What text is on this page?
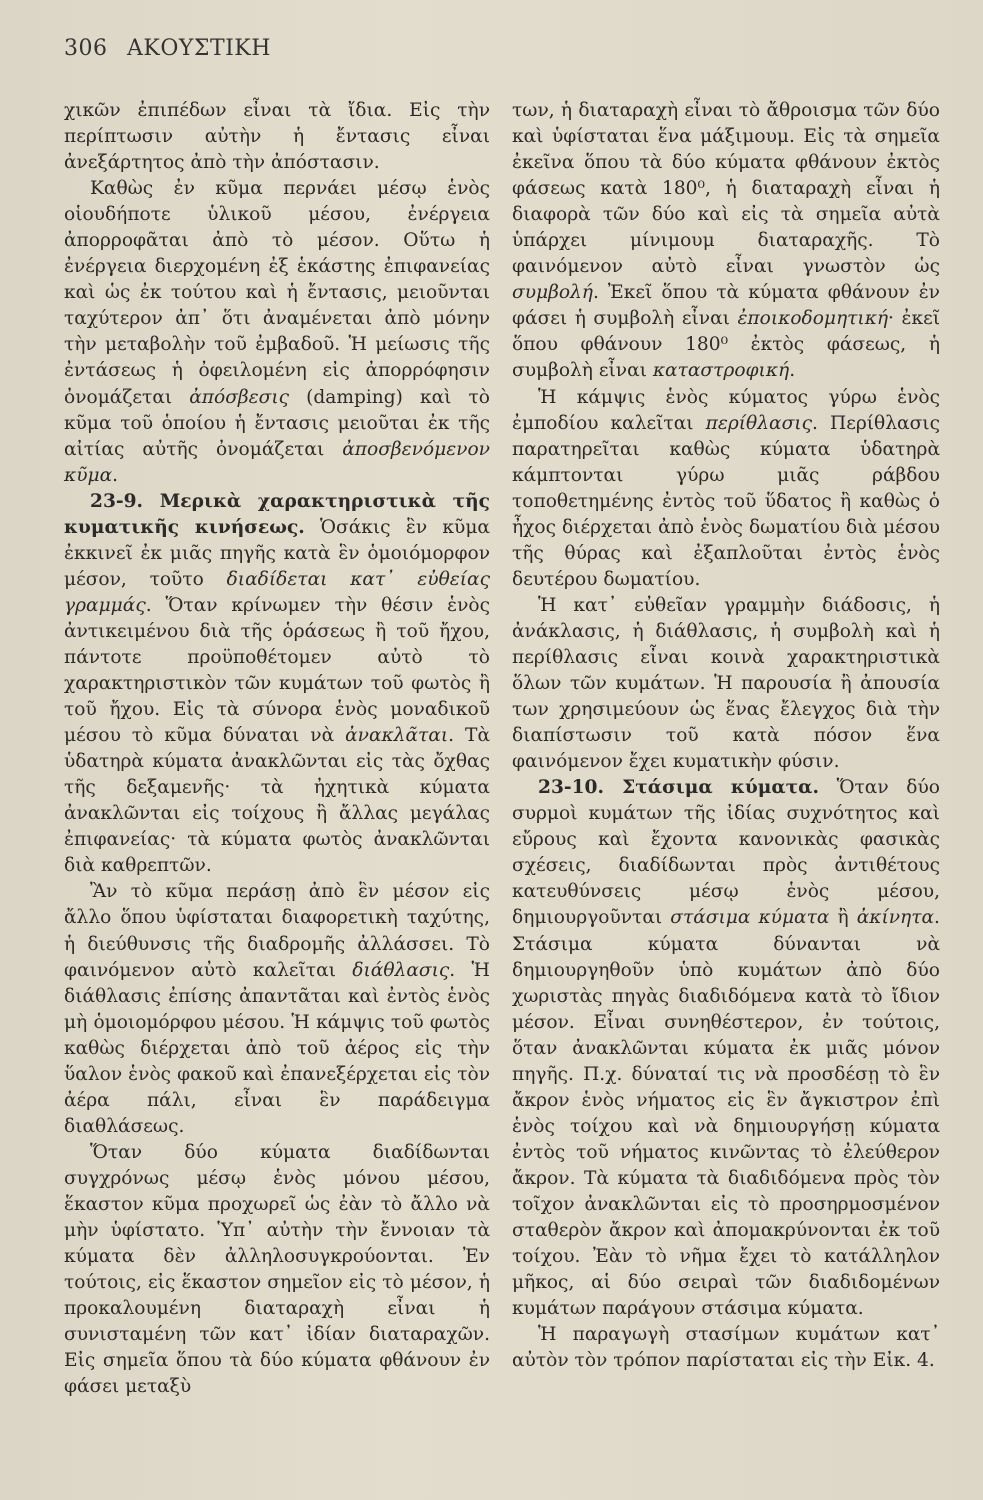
306 ΑΚΟΥΣΤΙΚΗ

χικῶν ἐπιπέδων εἶναι τὰ ἴδια. Εἰς τὴν περίπτωσιν αὐτὴν ἡ ἔντασις εἶναι ἀνεξάρτητος ἀπὸ τὴν ἀπόστασιν.

Καθὼς ἐν κῦμα περνάει μέσῳ ἑνὸς οἱουδήποτε ὑλικοῦ μέσου, ἐνέργεια ἀπορροφᾶται ἀπὸ τὸ μέσον. Οὕτω ἡ ἐνέργεια διερχομένη ἐξ ἑκάστης ἐπιφανείας καὶ ὡς ἐκ τούτου καὶ ἡ ἔντασις, μειοῦνται ταχύτερον ἀπ᾽ ὅτι ἀναμένεται ἀπὸ μόνην τὴν μεταβολὴν τοῦ ἐμβαδοῦ. Ἡ μείωσις τῆς ἐντάσεως ἡ ὀφειλομένη εἰς ἀπορρόφησιν ὀνομάζεται ἀπόσβεσις (damping) καὶ τὸ κῦμα τοῦ ὁποίου ἡ ἔντασις μειοῦται ἐκ τῆς αἰτίας αὐτῆς ὀνομάζεται ἀποσβενόμενον κῦμα.

23-9. Μερικὰ χαρακτηριστικὰ τῆς κυματικῆς κινήσεως. Ὁσάκις ἓν κῦμα ἐκκινεῖ ἐκ μιᾶς πηγῆς κατὰ ἓν ὁμοιόμορφον μέσον, τοῦτο διαδίδεται κατ᾽ εὐθείας γραμμάς. Ὅταν κρίνωμεν τὴν θέσιν ἑνὸς ἀντικειμένου διὰ τῆς ὁράσεως ἢ τοῦ ἤχου, πάντοτε προϋποθέτομεν αὐτὸ τὸ χαρακτηριστικὸν τῶν κυμάτων τοῦ φωτὸς ἢ τοῦ ἤχου. Εἰς τὰ σύνορα ἑνὸς μοναδικοῦ μέσου τὸ κῦμα δύναται νὰ ἀνακλᾶται. Τὰ ὑδατηρὰ κύματα ἀνακλῶνται εἰς τὰς ὄχθας τῆς δεξαμενῆς· τὰ ἠχητικὰ κύματα ἀνακλῶνται εἰς τοίχους ἢ ἄλλας μεγάλας ἐπιφανείας· τὰ κύματα φωτὸς ἀνακλῶνται διὰ καθρεπτῶν.

Ἂν τὸ κῦμα περάσῃ ἀπὸ ἓν μέσον εἰς ἄλλο ὅπου ὑφίσταται διαφορετικὴ ταχύτης, ἡ διεύθυνσις τῆς διαδρομῆς ἀλλάσσει. Τὸ φαινόμενον αὐτὸ καλεῖται διάθλασις. Ἡ διάθλασις ἐπίσης ἀπαντᾶται καὶ ἐντὸς ἑνὸς μὴ ὁμοιομόρφου μέσου. Ἡ κάμψις τοῦ φωτὸς καθὼς διέρχεται ἀπὸ τοῦ ἀέρος εἰς τὴν ὕαλον ἑνὸς φακοῦ καὶ ἐπανεξέρχεται εἰς τὸν ἀέρα πάλι, εἶναι ἓν παράδειγμα διαθλάσεως.

Ὅταν δύο κύματα διαδίδωνται συγχρόνως μέσῳ ἑνὸς μόνου μέσου, ἕκαστον κῦμα προχωρεῖ ὡς ἐὰν τὸ ἄλλο νὰ μὴν ὑφίστατο. Ὑπ᾽ αὐτὴν τὴν ἔννοιαν τὰ κύματα δὲν ἀλληλοσυγκρούονται. Ἐν τούτοις, εἰς ἕκαστον σημεῖον εἰς τὸ μέσον, ἡ προκαλουμένη διαταραχὴ εἶναι ἡ συνισταμένη τῶν κατ᾽ ἰδίαν διαταραχῶν. Εἰς σημεῖα ὅπου τὰ δύο κύματα φθάνουν ἐν φάσει μεταξὺ

των, ἡ διαταραχὴ εἶναι τὸ ἄθροισμα τῶν δύο καὶ ὑφίσταται ἕνα μάξιμουμ. Εἰς τὰ σημεῖα ἐκεῖνα ὅπου τὰ δύο κύματα φθάνουν ἐκτὸς φάσεως κατὰ 180⁰, ἡ διαταραχὴ εἶναι ἡ διαφορὰ τῶν δύο καὶ εἰς τὰ σημεῖα αὐτὰ ὑπάρχει μίνιμουμ διαταραχῆς. Τὸ φαινόμενον αὐτὸ εἶναι γνωστὸν ὡς συμβολή. Ἐκεῖ ὅπου τὰ κύματα φθάνουν ἐν φάσει ἡ συμβολὴ εἶναι ἐποικοδομητική· ἐκεῖ ὅπου φθάνουν 180⁰ ἐκτὸς φάσεως, ἡ συμβολὴ εἶναι καταστροφική.

Ἡ κάμψις ἑνὸς κύματος γύρω ἑνὸς ἐμποδίου καλεῖται περίθλασις. Περίθλασις παρατηρεῖται καθὼς κύματα ὑδατηρὰ κάμπτονται γύρω μιᾶς ράβδου τοποθετημένης ἐντὸς τοῦ ὕδατος ἢ καθὼς ὁ ἦχος διέρχεται ἀπὸ ἑνὸς δωματίου διὰ μέσου τῆς θύρας καὶ ἐξαπλοῦται ἐντὸς ἑνὸς δευτέρου δωματίου.

Ἡ κατ᾽ εὐθεῖαν γραμμὴν διάδοσις, ἡ ἀνάκλασις, ἡ διάθλασις, ἡ συμβολὴ καὶ ἡ περίθλασις εἶναι κοινὰ χαρακτηριστικὰ ὅλων τῶν κυμάτων. Ἡ παρουσία ἢ ἀπουσία των χρησιμεύουν ὡς ἕνας ἔλεγχος διὰ τὴν διαπίστωσιν τοῦ κατὰ πόσον ἕνα φαινόμενον ἔχει κυματικὴν φύσιν.

23-10. Στάσιμα κύματα. Ὅταν δύο συρμοὶ κυμάτων τῆς ἰδίας συχνότητος καὶ εὔρους καὶ ἔχοντα κανονικὰς φασικὰς σχέσεις, διαδίδωνται πρὸς ἀντιθέτους κατευθύνσεις μέσῳ ἑνὸς μέσου, δημιουργοῦνται στάσιμα κύματα ἢ ἀκίνητα. Στάσιμα κύματα δύνανται νὰ δημιουργηθοῦν ὑπὸ κυμάτων ἀπὸ δύο χωριστὰς πηγὰς διαδιδόμενα κατὰ τὸ ἴδιον μέσον. Εἶναι συνηθέστερον, ἐν τούτοις, ὅταν ἀνακλῶνται κύματα ἐκ μιᾶς μόνον πηγῆς. Π.χ. δύναταί τις νὰ προσδέσῃ τὸ ἓν ἄκρον ἑνὸς νήματος εἰς ἓν ἄγκιστρον ἐπὶ ἑνὸς τοίχου καὶ νὰ δημιουργήσῃ κύματα ἐντὸς τοῦ νήματος κινῶντας τὸ ἐλεύθερον ἄκρον. Τὰ κύματα τὰ διαδιδόμενα πρὸς τὸν τοῖχον ἀνακλῶνται εἰς τὸ προσηρμοσμένον σταθερὸν ἄκρον καὶ ἀπομακρύνονται ἐκ τοῦ τοίχου. Ἐὰν τὸ νῆμα ἔχει τὸ κατάλληλον μῆκος, αἱ δύο σειραὶ τῶν διαδιδομένων κυμάτων παράγουν στάσιμα κύματα.

Ἡ παραγωγὴ στασίμων κυμάτων κατ᾽ αὐτὸν τὸν τρόπον παρίσταται εἰς τὴν Εἰκ. 4.
